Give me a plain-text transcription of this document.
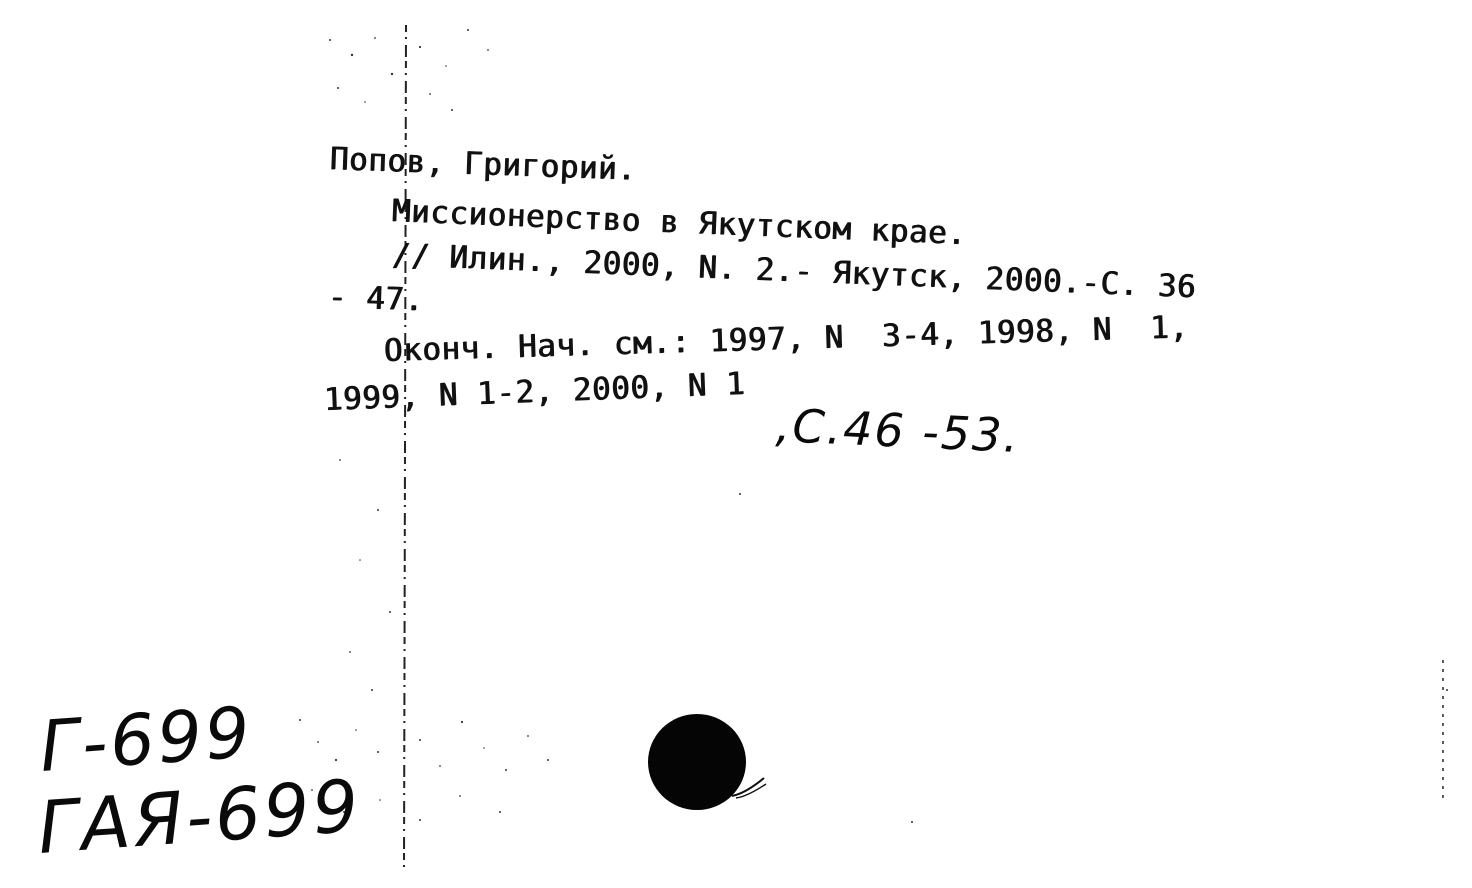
Попов, Григорий.
Миссионерство в Якутском крае.
// Илин., 2000, N. 2.- Якутск, 2000.-С. 36
- 47.
Оконч. Нач. см.: 1997, N  3-4, 1998, N  1,
1999, N 1-2, 2000, N 1
,С.46 -53.
Г-699
ГАЯ-699
